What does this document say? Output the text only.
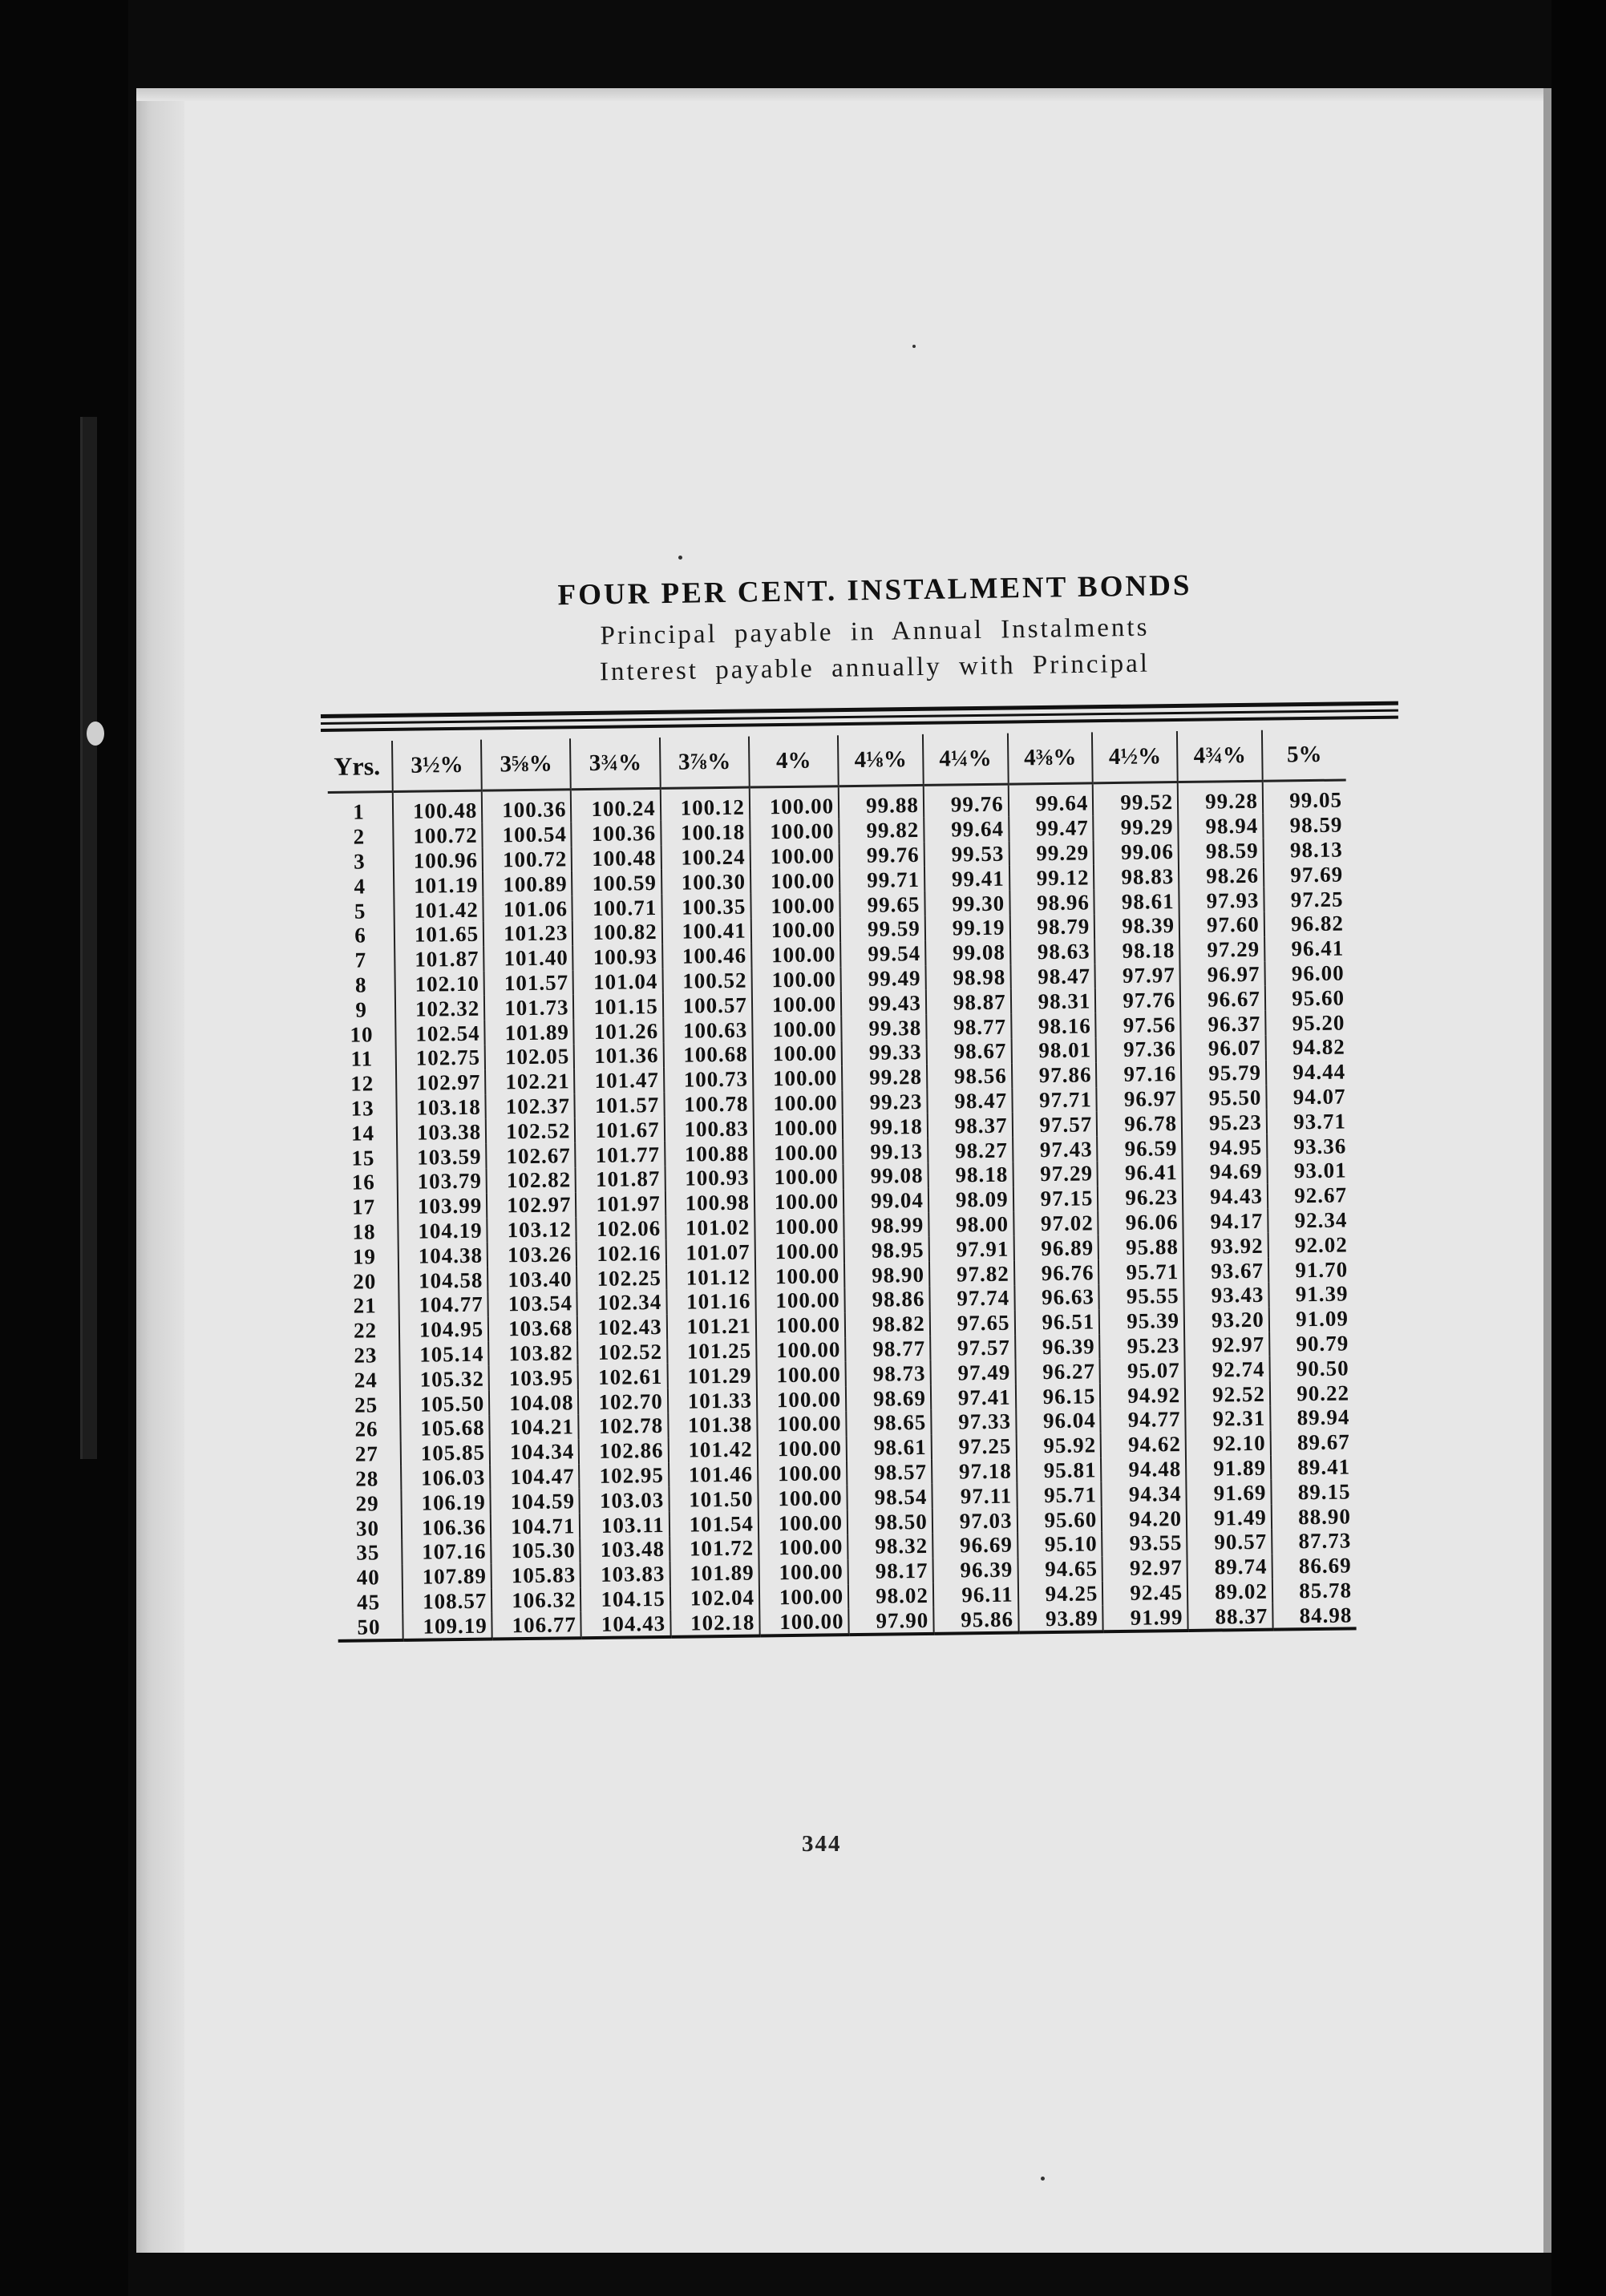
FOUR PER CENT. INSTALMENT BONDS

Principal payable in Annual Instalments

Interest payable annually with Principal

Yrs.	3½%	3⅝%	3¾%	3⅞%	4%	4⅛%	4¼%	4⅜%	4½%	4¾%	5%
1	100.48	100.36	100.24	100.12	100.00	99.88	99.76	99.64	99.52	99.28	99.05
2	100.72	100.54	100.36	100.18	100.00	99.82	99.64	99.47	99.29	98.94	98.59
3	100.96	100.72	100.48	100.24	100.00	99.76	99.53	99.29	99.06	98.59	98.13
4	101.19	100.89	100.59	100.30	100.00	99.71	99.41	99.12	98.83	98.26	97.69
5	101.42	101.06	100.71	100.35	100.00	99.65	99.30	98.96	98.61	97.93	97.25
6	101.65	101.23	100.82	100.41	100.00	99.59	99.19	98.79	98.39	97.60	96.82
7	101.87	101.40	100.93	100.46	100.00	99.54	99.08	98.63	98.18	97.29	96.41
8	102.10	101.57	101.04	100.52	100.00	99.49	98.98	98.47	97.97	96.97	96.00
9	102.32	101.73	101.15	100.57	100.00	99.43	98.87	98.31	97.76	96.67	95.60
10	102.54	101.89	101.26	100.63	100.00	99.38	98.77	98.16	97.56	96.37	95.20
11	102.75	102.05	101.36	100.68	100.00	99.33	98.67	98.01	97.36	96.07	94.82
12	102.97	102.21	101.47	100.73	100.00	99.28	98.56	97.86	97.16	95.79	94.44
13	103.18	102.37	101.57	100.78	100.00	99.23	98.47	97.71	96.97	95.50	94.07
14	103.38	102.52	101.67	100.83	100.00	99.18	98.37	97.57	96.78	95.23	93.71
15	103.59	102.67	101.77	100.88	100.00	99.13	98.27	97.43	96.59	94.95	93.36
16	103.79	102.82	101.87	100.93	100.00	99.08	98.18	97.29	96.41	94.69	93.01
17	103.99	102.97	101.97	100.98	100.00	99.04	98.09	97.15	96.23	94.43	92.67
18	104.19	103.12	102.06	101.02	100.00	98.99	98.00	97.02	96.06	94.17	92.34
19	104.38	103.26	102.16	101.07	100.00	98.95	97.91	96.89	95.88	93.92	92.02
20	104.58	103.40	102.25	101.12	100.00	98.90	97.82	96.76	95.71	93.67	91.70
21	104.77	103.54	102.34	101.16	100.00	98.86	97.74	96.63	95.55	93.43	91.39
22	104.95	103.68	102.43	101.21	100.00	98.82	97.65	96.51	95.39	93.20	91.09
23	105.14	103.82	102.52	101.25	100.00	98.77	97.57	96.39	95.23	92.97	90.79
24	105.32	103.95	102.61	101.29	100.00	98.73	97.49	96.27	95.07	92.74	90.50
25	105.50	104.08	102.70	101.33	100.00	98.69	97.41	96.15	94.92	92.52	90.22
26	105.68	104.21	102.78	101.38	100.00	98.65	97.33	96.04	94.77	92.31	89.94
27	105.85	104.34	102.86	101.42	100.00	98.61	97.25	95.92	94.62	92.10	89.67
28	106.03	104.47	102.95	101.46	100.00	98.57	97.18	95.81	94.48	91.89	89.41
29	106.19	104.59	103.03	101.50	100.00	98.54	97.11	95.71	94.34	91.69	89.15
30	106.36	104.71	103.11	101.54	100.00	98.50	97.03	95.60	94.20	91.49	88.90
35	107.16	105.30	103.48	101.72	100.00	98.32	96.69	95.10	93.55	90.57	87.73
40	107.89	105.83	103.83	101.89	100.00	98.17	96.39	94.65	92.97	89.74	86.69
45	108.57	106.32	104.15	102.04	100.00	98.02	96.11	94.25	92.45	89.02	85.78
50	109.19	106.77	104.43	102.18	100.00	97.90	95.86	93.89	91.99	88.37	84.98
344
